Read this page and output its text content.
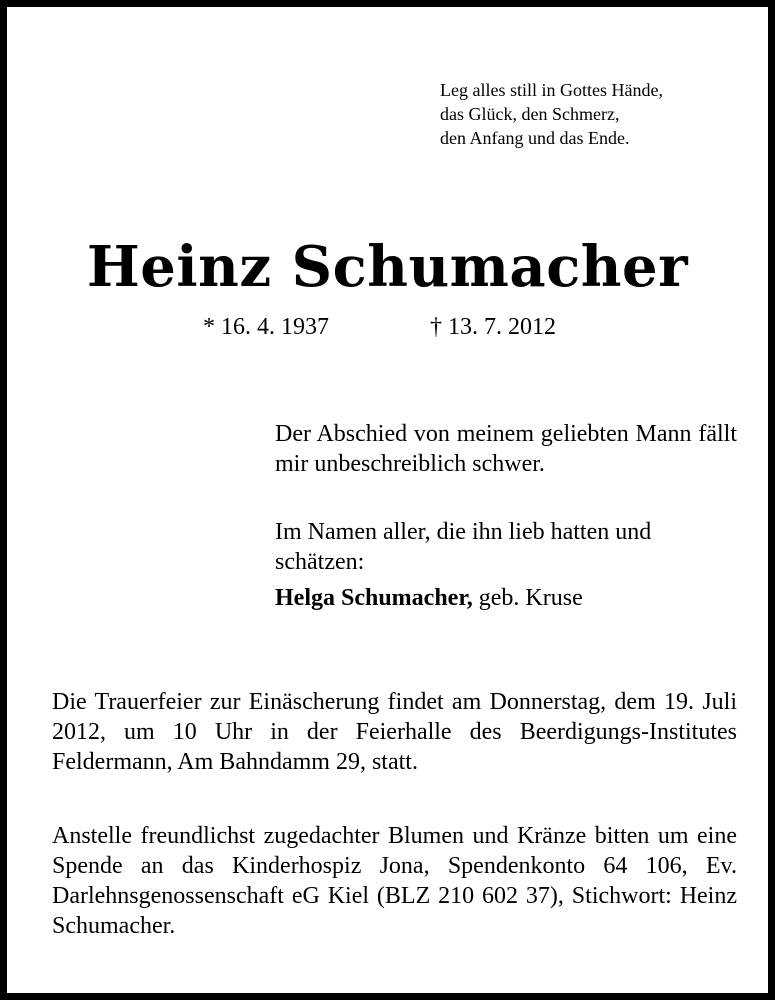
Leg alles still in Gottes Hände,
das Glück, den Schmerz,
den Anfang und das Ende.
Heinz Schumacher
* 16. 4. 1937	† 13. 7. 2012
Der Abschied von meinem geliebten Mann fällt mir unbeschreiblich schwer.
Im Namen aller, die ihn lieb hatten und schätzen:
Helga Schumacher, geb. Kruse
Die Trauerfeier zur Einäscherung findet am Donnerstag, dem 19. Juli 2012, um 10 Uhr in der Feierhalle des Beerdigungs-Institutes Feldermann, Am Bahndamm 29, statt.
Anstelle freundlichst zugedachter Blumen und Kränze bitten um eine Spende an das Kinderhospiz Jona, Spendenkonto 64 106, Ev. Darlehnsgenossenschaft eG Kiel (BLZ 210 602 37), Stichwort: Heinz Schumacher.
